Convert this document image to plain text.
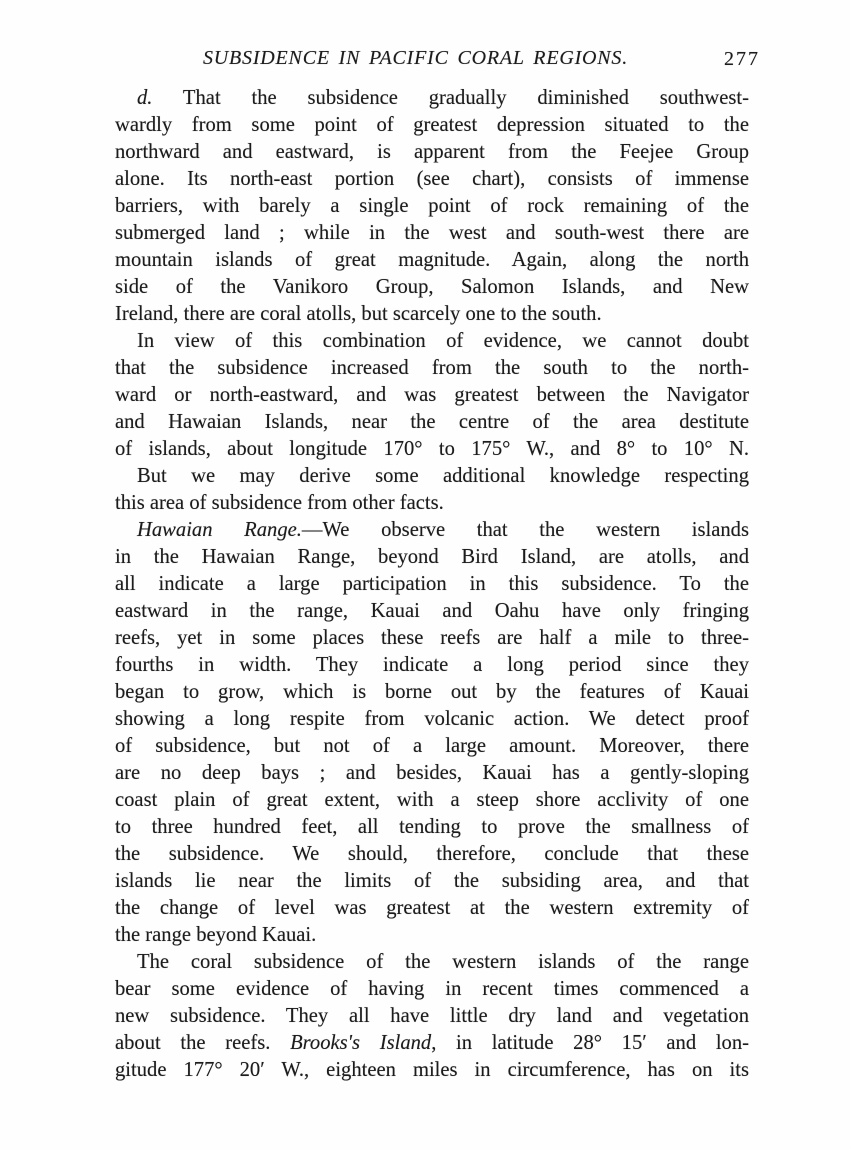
SUBSIDENCE IN PACIFIC CORAL REGIONS.	277
d. That the subsidence gradually diminished southwest-
wardly from some point of greatest depression situated to the
northward and eastward, is apparent from the Feejee Group
alone. Its north-east portion (see chart), consists of immense
barriers, with barely a single point of rock remaining of the
submerged land ; while in the west and south-west there are
mountain islands of great magnitude. Again, along the north
side of the Vanikoro Group, Salomon Islands, and New
Ireland, there are coral atolls, but scarcely one to the south.
In view of this combination of evidence, we cannot doubt
that the subsidence increased from the south to the north-
ward or north-eastward, and was greatest between the Navigator
and Hawaian Islands, near the centre of the area destitute
of islands, about longitude 170° to 175° W., and 8° to 10° N.
But we may derive some additional knowledge respecting
this area of subsidence from other facts.
Hawaian Range.—We observe that the western islands
in the Hawaian Range, beyond Bird Island, are atolls, and
all indicate a large participation in this subsidence. To the
eastward in the range, Kauai and Oahu have only fringing
reefs, yet in some places these reefs are half a mile to three-
fourths in width. They indicate a long period since they
began to grow, which is borne out by the features of Kauai
showing a long respite from volcanic action. We detect proof
of subsidence, but not of a large amount. Moreover, there
are no deep bays ; and besides, Kauai has a gently-sloping
coast plain of great extent, with a steep shore acclivity of one
to three hundred feet, all tending to prove the smallness of
the subsidence. We should, therefore, conclude that these
islands lie near the limits of the subsiding area, and that
the change of level was greatest at the western extremity of
the range beyond Kauai.
The coral subsidence of the western islands of the range
bear some evidence of having in recent times commenced a
new subsidence. They all have little dry land and vegetation
about the reefs. Brooks's Island, in latitude 28° 15′ and lon-
gitude 177° 20′ W., eighteen miles in circumference, has on its
